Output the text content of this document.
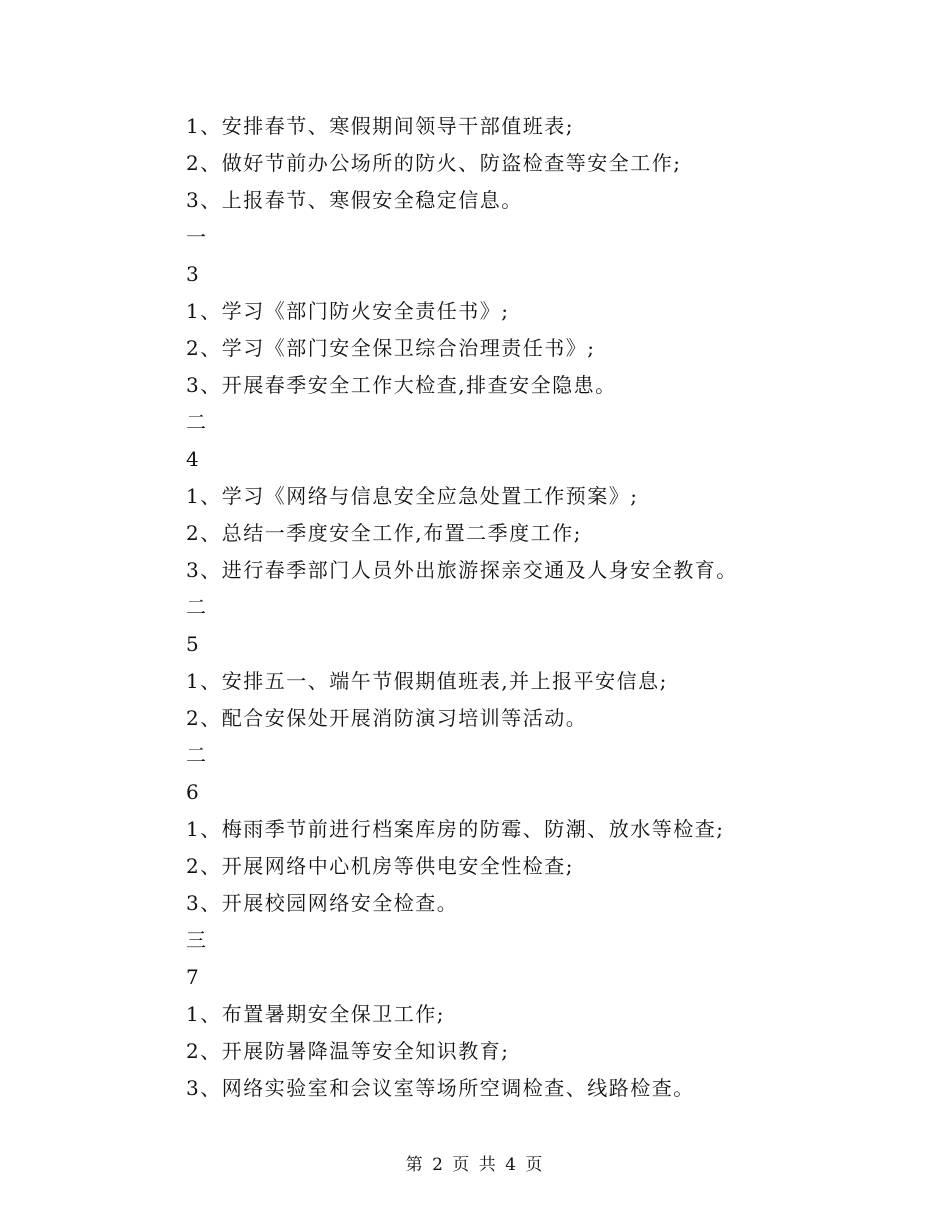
1、安排春节、寒假期间领导干部值班表;
2、做好节前办公场所的防火、防盗检查等安全工作;
3、上报春节、寒假安全稳定信息。
一
3
1、学习《部门防火安全责任书》;
2、学习《部门安全保卫综合治理责任书》;
3、开展春季安全工作大检查,排查安全隐患。
二
4
1、学习《网络与信息安全应急处置工作预案》;
2、总结一季度安全工作,布置二季度工作;
3、进行春季部门人员外出旅游探亲交通及人身安全教育。
二
5
1、安排五一、端午节假期值班表,并上报平安信息;
2、配合安保处开展消防演习培训等活动。
二
6
1、梅雨季节前进行档案库房的防霉、防潮、放水等检查;
2、开展网络中心机房等供电安全性检查;
3、开展校园网络安全检查。
三
7
1、布置暑期安全保卫工作;
2、开展防暑降温等安全知识教育;
3、网络实验室和会议室等场所空调检查、线路检查。
第 2 页 共 4 页
